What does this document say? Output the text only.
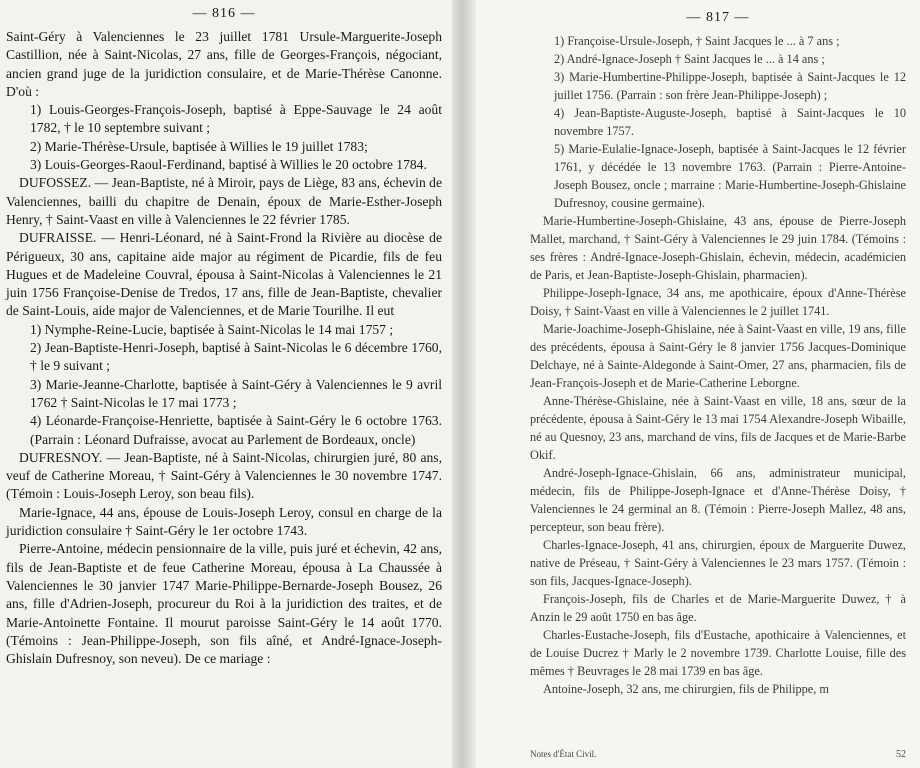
— 816 —

Saint-Géry à Valenciennes le 23 juillet 1781 Ursule-Marguerite-Joseph Castillion, née à Saint-Nicolas, 27 ans, fille de Georges-François, négociant, ancien grand juge de la juridiction consulaire, et de Marie-Thérèse Canonne. D'où :

1) Louis-Georges-François-Joseph, baptisé à Eppe-Sauvage le 24 août 1782, † le 10 septembre suivant ;

2) Marie-Thérèse-Ursule, baptisée à Willies le 19 juillet 1783;

3) Louis-Georges-Raoul-Ferdinand, baptisé à Willies le 20 octobre 1784.

DUFOSSEZ. — Jean-Baptiste, né à Miroir, pays de Liège, 83 ans, échevin de Valenciennes, bailli du chapitre de Denain, époux de Marie-Esther-Joseph Henry, † Saint-Vaast en ville à Valenciennes le 22 février 1785.

DUFRAISSE. — Henri-Léonard, né à Saint-Frond la Rivière au diocèse de Périgueux, 30 ans, capitaine aide major au régiment de Picardie, fils de feu Hugues et de Madeleine Couvral, épousa à Saint-Nicolas à Valenciennes le 21 juin 1756 Françoise-Denise de Tredos, 17 ans, fille de Jean-Baptiste, chevalier de Saint-Louis, aide major de Valenciennes, et de Marie Tourilhe. Il eut

1) Nymphe-Reine-Lucie, baptisée à Saint-Nicolas le 14 mai 1757 ;

2) Jean-Baptiste-Henri-Joseph, baptisé à Saint-Nicolas le 6 décembre 1760, † le 9 suivant ;

3) Marie-Jeanne-Charlotte, baptisée à Saint-Géry à Valenciennes le 9 avril 1762 † Saint-Nicolas le 17 mai 1773 ;

4) Léonarde-Françoise-Henriette, baptisée à Saint-Géry le 6 octobre 1763. (Parrain : Léonard Dufraisse, avocat au Parlement de Bordeaux, oncle)

DUFRESNOY. — Jean-Baptiste, né à Saint-Nicolas, chirurgien juré, 80 ans, veuf de Catherine Moreau, † Saint-Géry à Valenciennes le 30 novembre 1747. (Témoin : Louis-Joseph Leroy, son beau fils).

Marie-Ignace, 44 ans, épouse de Louis-Joseph Leroy, consul en charge de la juridiction consulaire † Saint-Géry le 1er octobre 1743.

Pierre-Antoine, médecin pensionnaire de la ville, puis juré et échevin, 42 ans, fils de Jean-Baptiste et de feue Catherine Moreau, épousa à La Chaussée à Valenciennes le 30 janvier 1747 Marie-Philippe-Bernarde-Joseph Bousez, 26 ans, fille d'Adrien-Joseph, procureur du Roi à la juridiction des traites, et de Marie-Antoinette Fontaine. Il mourut paroisse Saint-Géry le 14 août 1770. (Témoins : Jean-Philippe-Joseph, son fils aîné, et André-Ignace-Joseph-Ghislain Dufresnoy, son neveu). De ce mariage :

— 817 —

1) Françoise-Ursule-Joseph, † Saint Jacques le ... à 7 ans ;

2) André-Ignace-Joseph † Saint Jacques le ... à 14 ans ;

3) Marie-Humbertine-Philippe-Joseph, baptisée à Saint-Jacques le 12 juillet 1756. (Parrain : son frère Jean-Philippe-Joseph) ;

4) Jean-Baptiste-Auguste-Joseph, baptisé à Saint-Jacques le 10 novembre 1757.

5) Marie-Eulalie-Ignace-Joseph, baptisée à Saint-Jacques le 12 février 1761, y décédée le 13 novembre 1763. (Parrain : Pierre-Antoine-Joseph Bousez, oncle ; marraine : Marie-Humbertine-Joseph-Ghislaine Dufresnoy, cousine germaine).

Marie-Humbertine-Joseph-Ghislaine, 43 ans, épouse de Pierre-Joseph Mallet, marchand, † Saint-Géry à Valenciennes le 29 juin 1784. (Témoins : ses frères : André-Ignace-Joseph-Ghislain, échevin, médecin, académicien de Paris, et Jean-Baptiste-Joseph-Ghislain, pharmacien).

Philippe-Joseph-Ignace, 34 ans, me apothicaire, époux d'Anne-Thérèse Doisy, † Saint-Vaast en ville à Valenciennes le 2 juillet 1741.

Marie-Joachime-Joseph-Ghislaine, née à Saint-Vaast en ville, 19 ans, fille des précédents, épousa à Saint-Géry le 8 janvier 1756 Jacques-Dominique Delchaye, né à Sainte-Aldegonde à Saint-Omer, 27 ans, pharmacien, fils de Jean-François-Joseph et de Marie-Catherine Leborgne.

Anne-Thérèse-Ghislaine, née à Saint-Vaast en ville, 18 ans, sœur de la précédente, épousa à Saint-Géry le 13 mai 1754 Alexandre-Joseph Wibaille, né au Quesnoy, 23 ans, marchand de vins, fils de Jacques et de Marie-Barbe Okif.

André-Joseph-Ignace-Ghislain, 66 ans, administrateur municipal, médecin, fils de Philippe-Joseph-Ignace et d'Anne-Thérèse Doisy, † Valenciennes le 24 germinal an 8. (Témoin : Pierre-Joseph Mallez, 48 ans, percepteur, son beau frère).

Charles-Ignace-Joseph, 41 ans, chirurgien, époux de Marguerite Duwez, native de Préseau, † Saint-Géry à Valenciennes le 23 mars 1757. (Témoin : son fils, Jacques-Ignace-Joseph).

François-Joseph, fils de Charles et de Marie-Marguerite Duwez, † à Anzin le 29 août 1750 en bas âge.

Charles-Eustache-Joseph, fils d'Eustache, apothicaire à Valenciennes, et de Louise Ducrez † Marly le 2 novembre 1739. Charlotte Louise, fille des mêmes † Beuvrages le 28 mai 1739 en bas âge.

Antoine-Joseph, 32 ans, me chirurgien, fils de Philippe, m

Notes d'État Civil.	52
